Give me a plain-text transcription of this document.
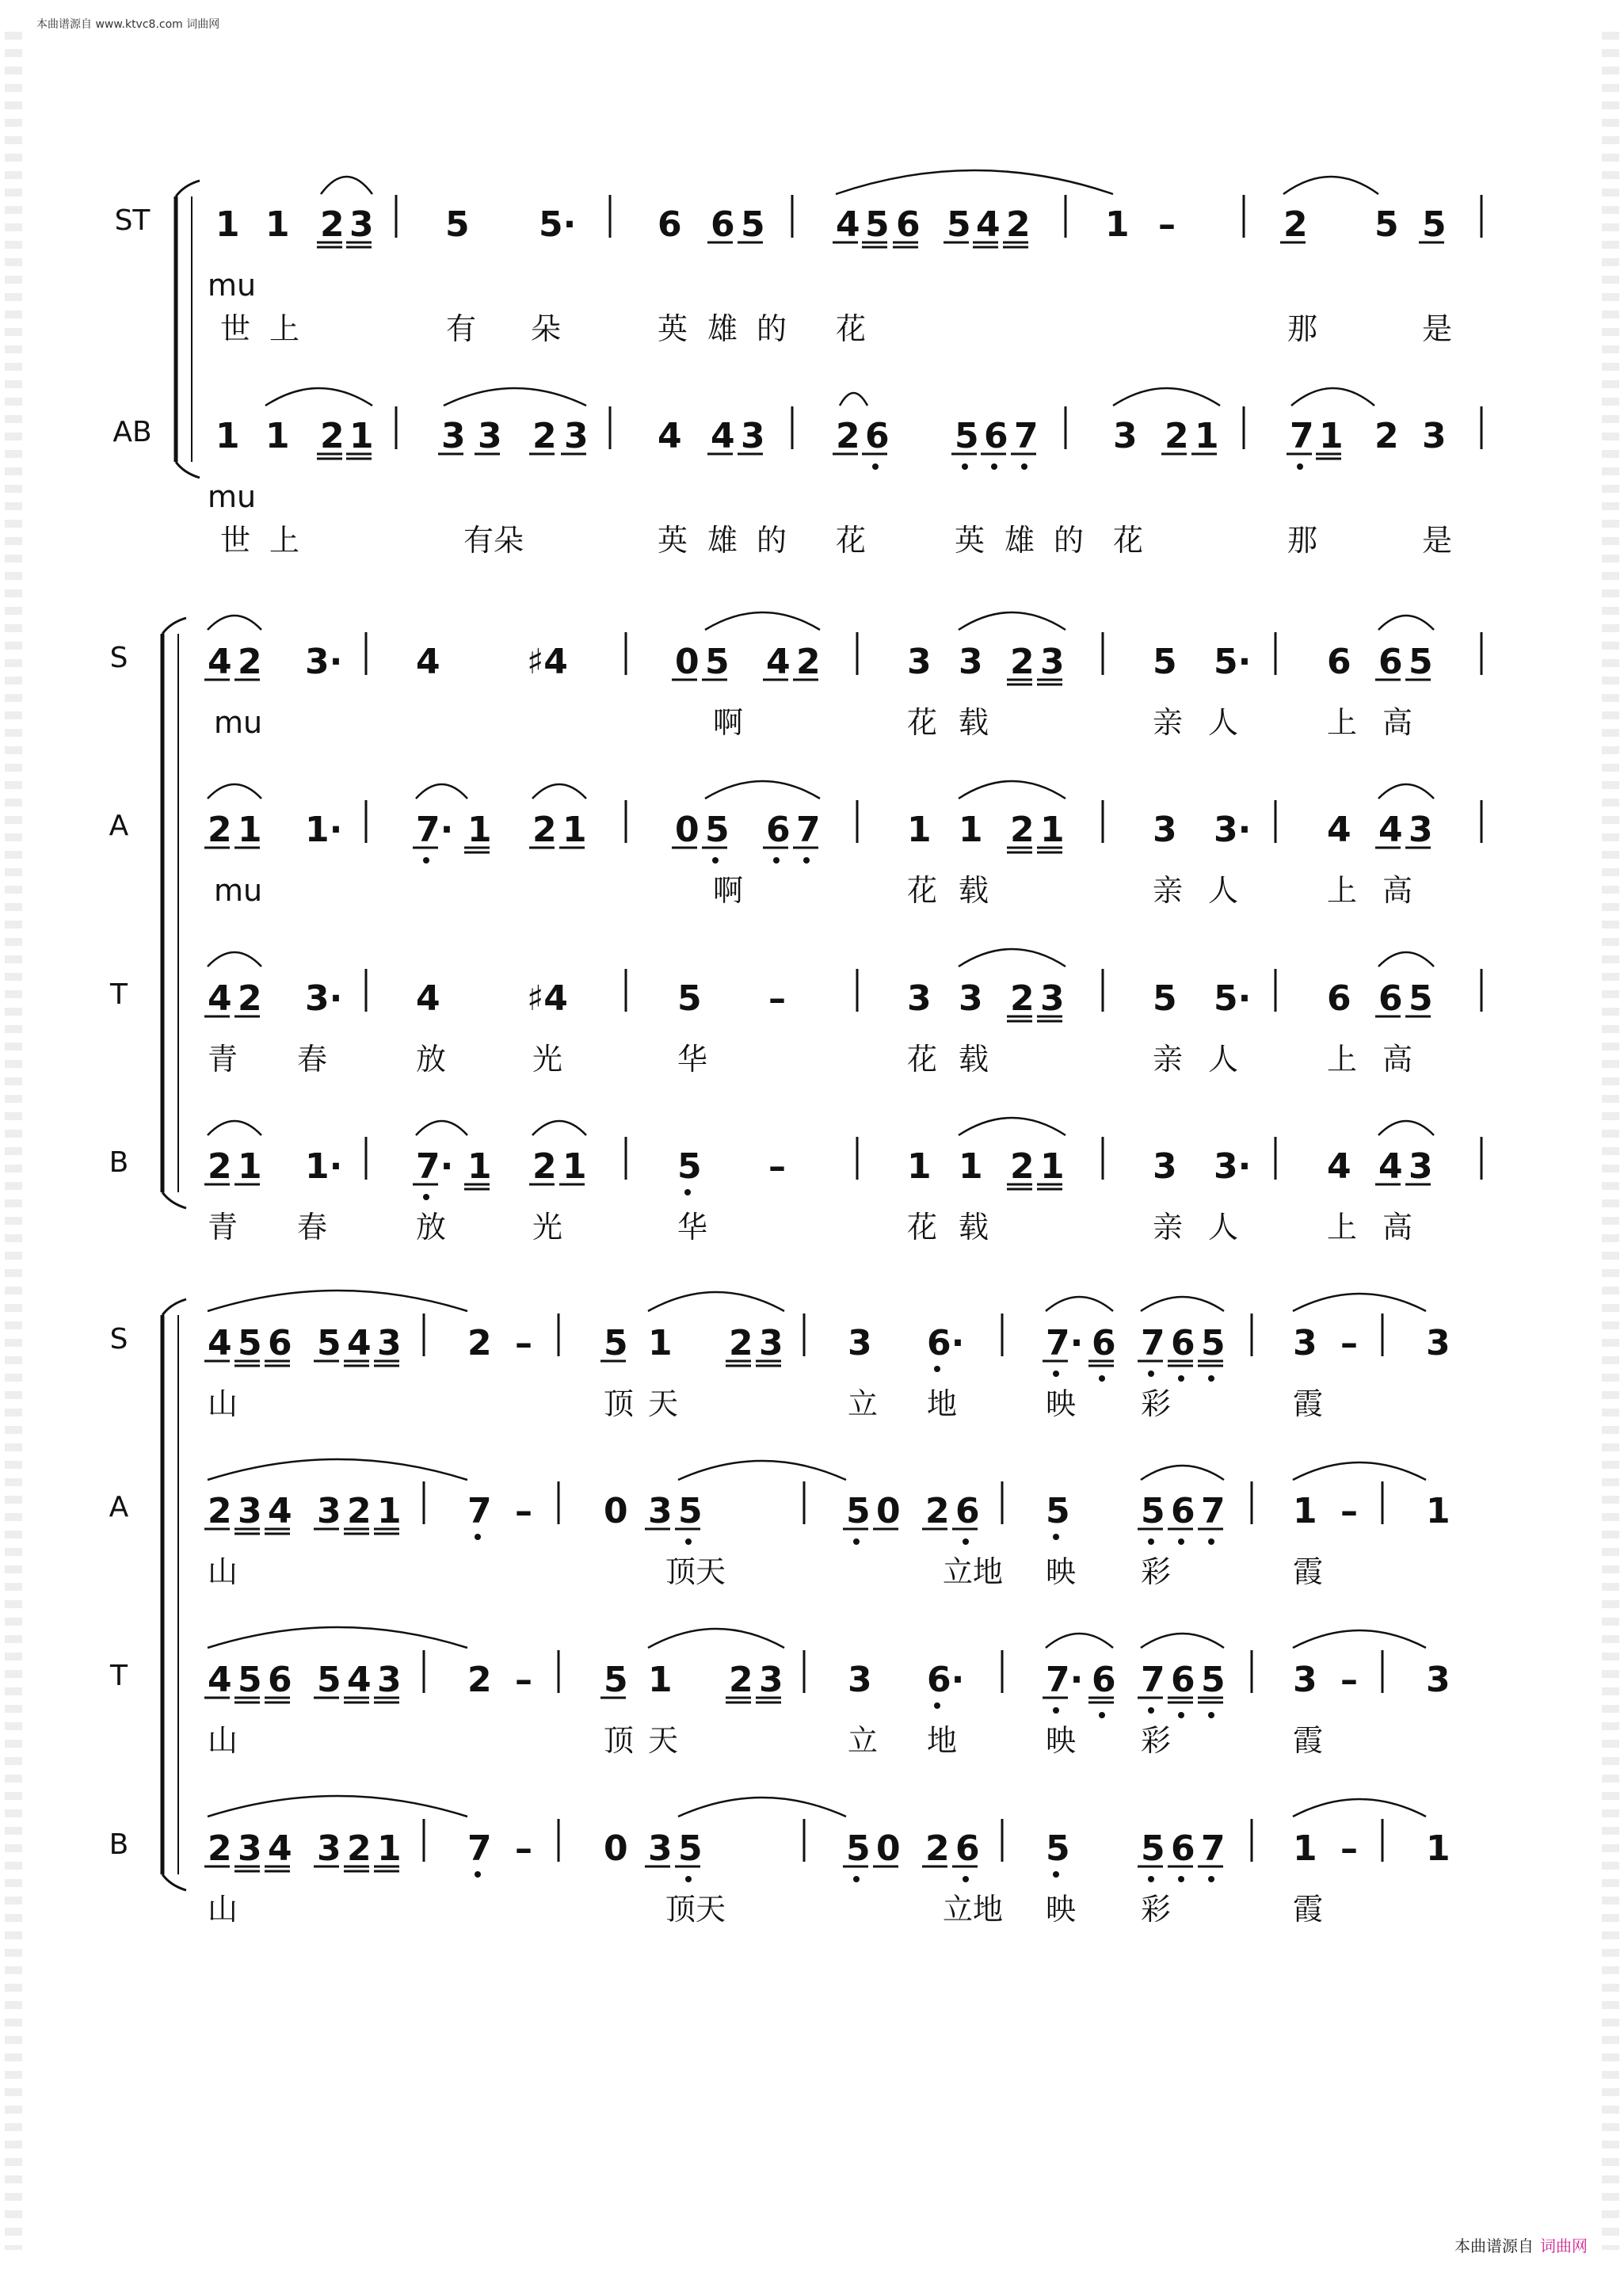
本曲谱源自 www.ktvc8.com 词曲网
ST 1 1 2 3 5 5· 6 6 5 4 5 6 5 4 2 1 –	2 5 5
mu
世 上	有 朵	英 雄 的 花	那	是
AB 1 1 2 1 3 3 2 3 4 4 3 2 6 5 6 7 3 2 1 7 1 2 3
mu
世 上	有朵	英 雄 的 花	英 雄 的 花	那	是
S 4 2 3· 4 ♯4	0 5 4 2 3 3 2 3	5 5· 6 6 5
mu	啊	花 载	亲 人	上 高
A 2 1 1· 7· 1 2 1	0 5 6 7 1 1 2 1	3 3· 4 4 3
mu	啊	花 载	亲 人	上 高
T 4 2 3· 4 ♯4	5 –	3 3 2 3	5 5· 6 6 5
青 春	放	光	华	花 载	亲 人	上 高
B 2 1 1· 7· 1 2 1	5 –	1 1 2 1	3 3· 4 4 3
青 春	放	光	华	花 载	亲 人	上 高
S 4 5 6 5 4 3 2 – 5 1 2 3 3 6· 7· 6 7 6 5 3 – 3
山	顶 天	立 地	映 彩	霞
A 2 3 4 3 2 1 7 – 0 3 5	5 0 2 6 5 5 6 7 1 – 1
山	顶天	立地 映 彩	霞
T 4 5 6 5 4 3 2 – 5 1 2 3 3 6· 7· 6 7 6 5 3 – 3
山	顶 天	立 地	映 彩	霞
B 2 3 4 3 2 1 7 – 0 3 5	5 0 2 6 5 5 6 7 1 – 1
山	顶天	立地 映 彩	霞
本曲谱源自 词曲网
